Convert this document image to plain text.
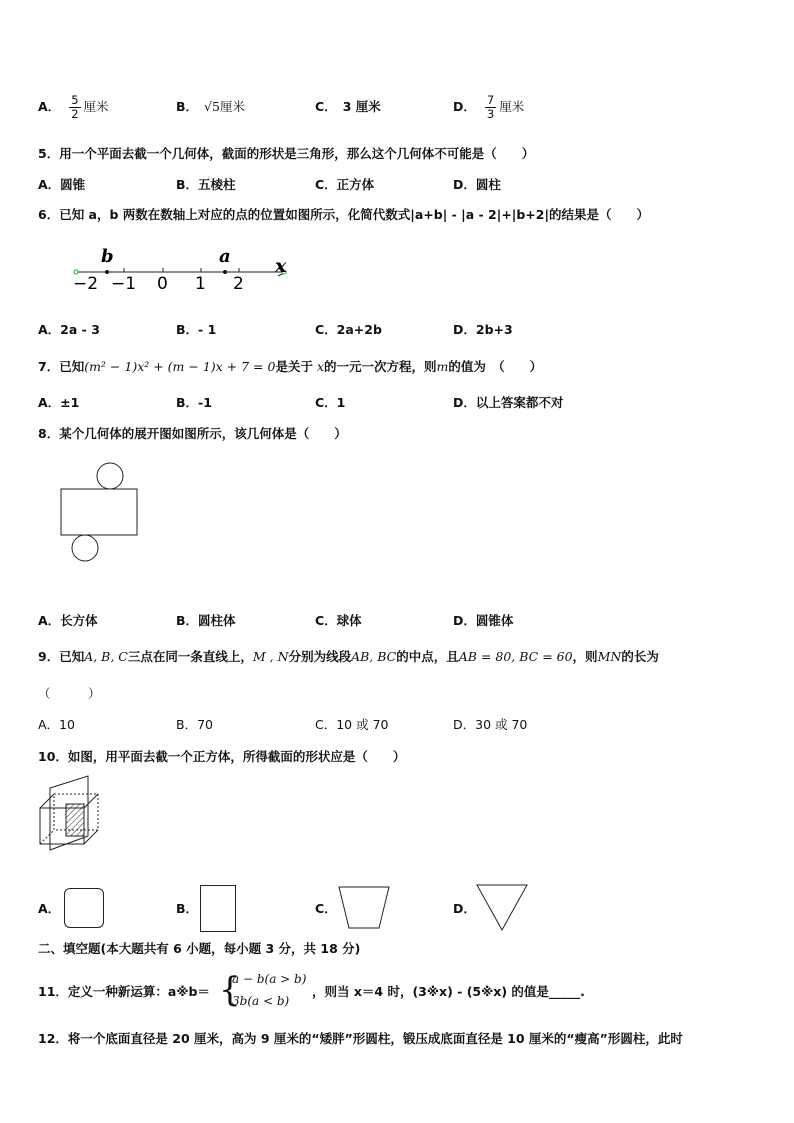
A． $\frac{5}{2}$ 厘米	B． √5厘米	C． 3 厘米	D． $\frac{7}{3}$ 厘米
5．用一个平面去截一个几何体，截面的形状是三角形，那么这个几何体不可能是（　　）
A．圆锥	B．五棱柱	C．正方体	D．圆柱
6．已知 a，b 两数在数轴上对应的点的位置如图所示，化简代数式|a+b| - |a - 2|+|b+2|的结果是（　　）
b	a x
−2 −1 0 1 2
A．2a - 3	B．- 1	C．2a+2b	D．2b+3
7．已知(m² − 1)x² + (m − 1)x + 7 = 0是关于 x的一元一次方程，则m的值为　（　　）
A．±1	B．-1	C．1	D．以上答案都不对
8．某个几何体的展开图如图所示，该几何体是（　　）
A．长方体	B．圆柱体	C．球体	D．圆锥体
9．已知A, B, C三点在同一条直线上，M , N分别为线段AB, BC的中点，且AB = 80, BC = 60，则MN的长为
（　　　）
A．10	B．70	C．10 或 70	D．30 或 70
10．如图，用平面去截一个正方体，所得截面的形状应是（　　）
A．	B．	C．	D．
二、填空题(本大题共有 6 小题，每小题 3 分，共 18 分)
11．定义一种新运算：a※b＝ {
a − b(a > b)
3b(a < b)
，则当 x＝4 时，(3※x) - (5※x) 的值是_____.
12．将一个底面直径是 20 厘米，高为 9 厘米的“矮胖”形圆柱，锻压成底面直径是 10 厘米的“瘦高”形圆柱，此时
